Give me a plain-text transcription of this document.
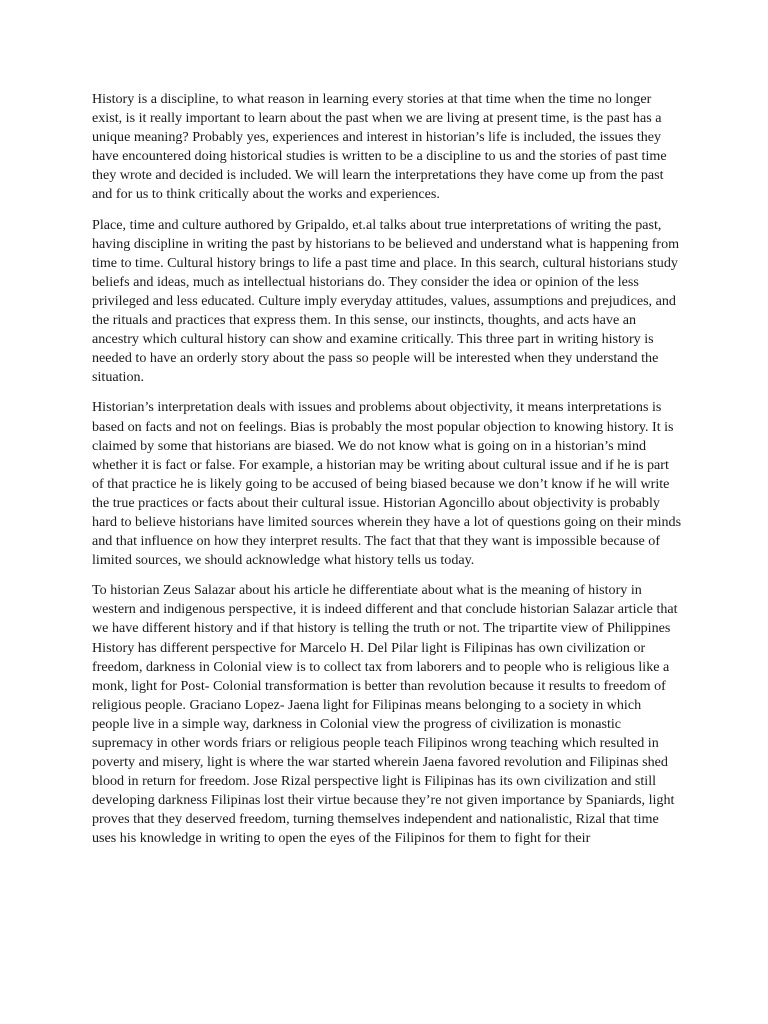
History is a discipline, to what reason in learning every stories at that time when the time no longer exist, is it really important to learn about the past when we are living at present time, is the past has a unique meaning? Probably yes, experiences and interest in historian’s life is included, the issues they have encountered doing historical studies is written to be a discipline to us and the stories of past time they wrote and decided is included. We will learn the interpretations they have come up from the past and for us to think critically about the works and experiences.

Place, time and culture authored by Gripaldo, et.al talks about true interpretations of writing the past, having discipline in writing the past by historians to be believed and understand what is happening from time to time. Cultural history brings to life a past time and place. In this search, cultural historians study beliefs and ideas, much as intellectual historians do. They consider the idea or opinion of the less privileged and less educated. Culture imply everyday attitudes, values, assumptions and prejudices, and the rituals and practices that express them. In this sense, our instincts, thoughts, and acts have an ancestry which cultural history can show and examine critically. This three part in writing history is needed to have an orderly story about the pass so people will be interested when they understand the situation.

Historian’s interpretation deals with issues and problems about objectivity, it means interpretations is based on facts and not on feelings. Bias is probably the most popular objection to knowing history. It is claimed by some that historians are biased. We do not know what is going on in a historian’s mind whether it is fact or false. For example, a historian may be writing about cultural issue and if he is part of that practice he is likely going to be accused of being biased because we don’t know if he will write the true practices or facts about their cultural issue. Historian Agoncillo about objectivity is probably hard to believe historians have limited sources wherein they have a lot of questions going on their minds and that influence on how they interpret results. The fact that that they want is impossible because of limited sources, we should acknowledge what history tells us today.

To historian Zeus Salazar about his article he differentiate about what is the meaning of history in western and indigenous perspective, it is indeed different and that conclude historian Salazar article that we have different history and if that history is telling the truth or not. The tripartite view of Philippines History has different perspective for Marcelo H. Del Pilar light is Filipinas has own civilization or freedom, darkness in Colonial view is to collect tax from laborers and to people who is religious like a monk, light for Post- Colonial transformation is better than revolution because it results to freedom of religious people. Graciano Lopez- Jaena light for Filipinas means belonging to a society in which people live in a simple way, darkness in Colonial view the progress of civilization is monastic supremacy in other words friars or religious people teach Filipinos wrong teaching which resulted in poverty and misery, light is where the war started wherein Jaena favored revolution and Filipinas shed blood in return for freedom. Jose Rizal perspective light is Filipinas has its own civilization and still developing darkness Filipinas lost their virtue because they’re not given importance by Spaniards, light proves that they deserved freedom, turning themselves independent and nationalistic, Rizal that time uses his knowledge in writing to open the eyes of the Filipinos for them to fight for their
